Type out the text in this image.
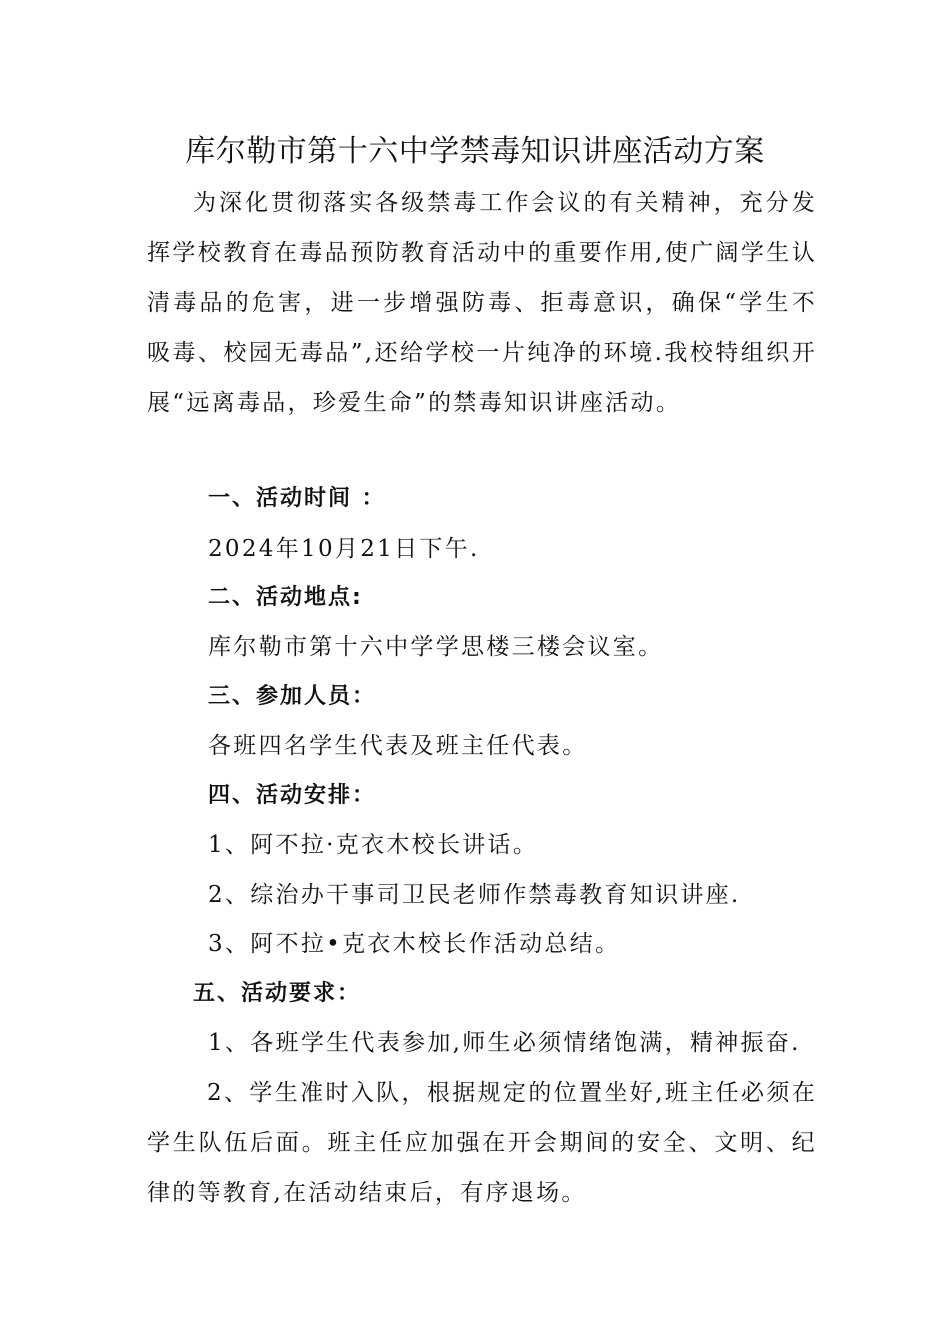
库尔勒市第十六中学禁毒知识讲座活动方案

为深化贯彻落实各级禁毒工作会议的有关精神，充分发挥学校教育在毒品预防教育活动中的重要作用,使广阔学生认清毒品的危害，进一步增强防毒、拒毒意识，确保“学生不吸毒、校园无毒品”,还给学校一片纯净的环境.我校特组织开展“远离毒品，珍爱生命”的禁毒知识讲座活动。

一、活动时间 ：

2024年10月21日下午.

二、活动地点:

库尔勒市第十六中学学思楼三楼会议室。

三、参加人员：

各班四名学生代表及班主任代表。

四、活动安排：

1、阿不拉·克衣木校长讲话。

2、综治办干事司卫民老师作禁毒教育知识讲座.

3、阿不拉•克衣木校长作活动总结。

五、活动要求：

1、各班学生代表参加,师生必须情绪饱满，精神振奋.

2、学生准时入队，根据规定的位置坐好,班主任必须在学生队伍后面。班主任应加强在开会期间的安全、文明、纪律的等教育,在活动结束后，有序退场。
